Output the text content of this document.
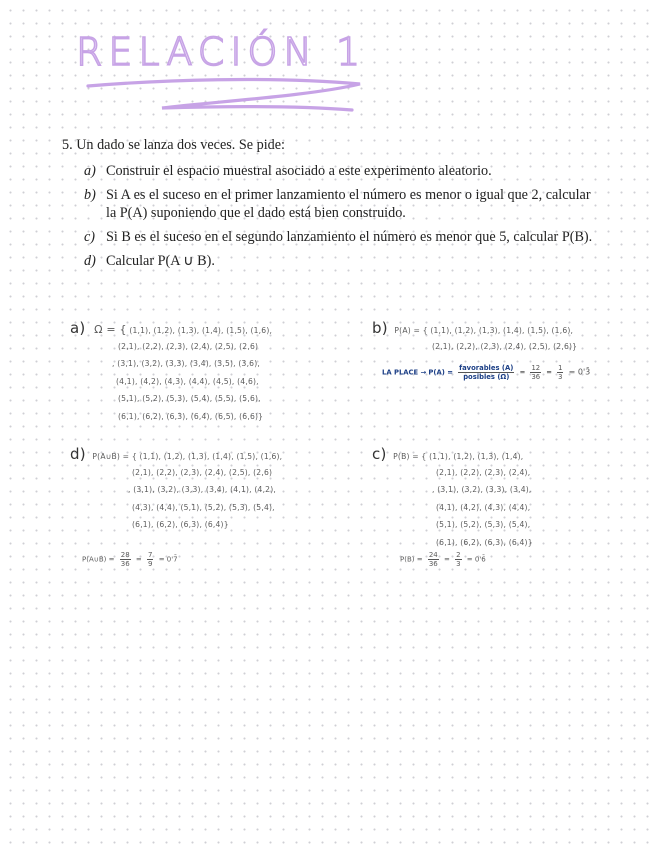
RELACIÓN 1
5. Un dado se lanza dos veces. Se pide:
a) Construir el espacio muestral asociado a este experimento aleatorio.
b) Si A es el suceso en el primer lanzamiento el número es menor o igual que 2, calcular la P(A) suponiendo que el dado está bien construido.
c) Si B es el suceso en el segundo lanzamiento el número es menor que 5, calcular P(B).
d) Calcular P(A ∪ B).
a) Ω = { (1,1), (1,2), (1,3), (1,4), (1,5), (1,6),
(2,1), (2,2), (2,3), (2,4), (2,5), (2,6)
, (3,1), (3,2), (3,3), (3,4), (3,5), (3,6),
(4,1), (4,2), (4,3), (4,4), (4,5), (4,6),
(5,1), (5,2), (5,3), (5,4), (5,5), (5,6),
(6,1), (6,2), (6,3), (6,4), (6,5), (6,6)}
b) P(A) = { (1,1), (1,2), (1,3), (1,4), (1,5), (1,6),
(2,1), (2,2), (2,3), (2,4), (2,5), (2,6)}
LA PLACE → $P(A) = \frac{\text{favorables (A)}}{\text{posibles (Ω)}} = \frac{12}{36} = \frac{1}{3}$ = 0'3̄
d) P(A∪B) = { (1,1), (1,2), (1,3), (1,4), (1,5), (1,6),
(2,1), (2,2), (2,3), (2,4), (2,5), (2,6)
, (3,1), (3,2), (3,3), (3,4), (4,1), (4,2),
(4,3), (4,4), (5,1), (5,2), (5,3), (5,4),
(6,1), (6,2), (6,3), (6,4)}
P(A∪B) = $\frac{28}{36} = \frac{7}{9}$ = 0'7̄
c) P(B) = { (1,1), (1,2), (1,3), (1,4),
(2,1), (2,2), (2,3), (2,4),
, (3,1), (3,2), (3,3), (3,4),
(4,1), (4,2), (4,3), (4,4),
(5,1), (5,2), (5,3), (5,4),
(6,1), (6,2), (6,3), (6,4)}
$P(B) = \frac{24}{36} = \frac{2}{3}$ = 0'6̄
